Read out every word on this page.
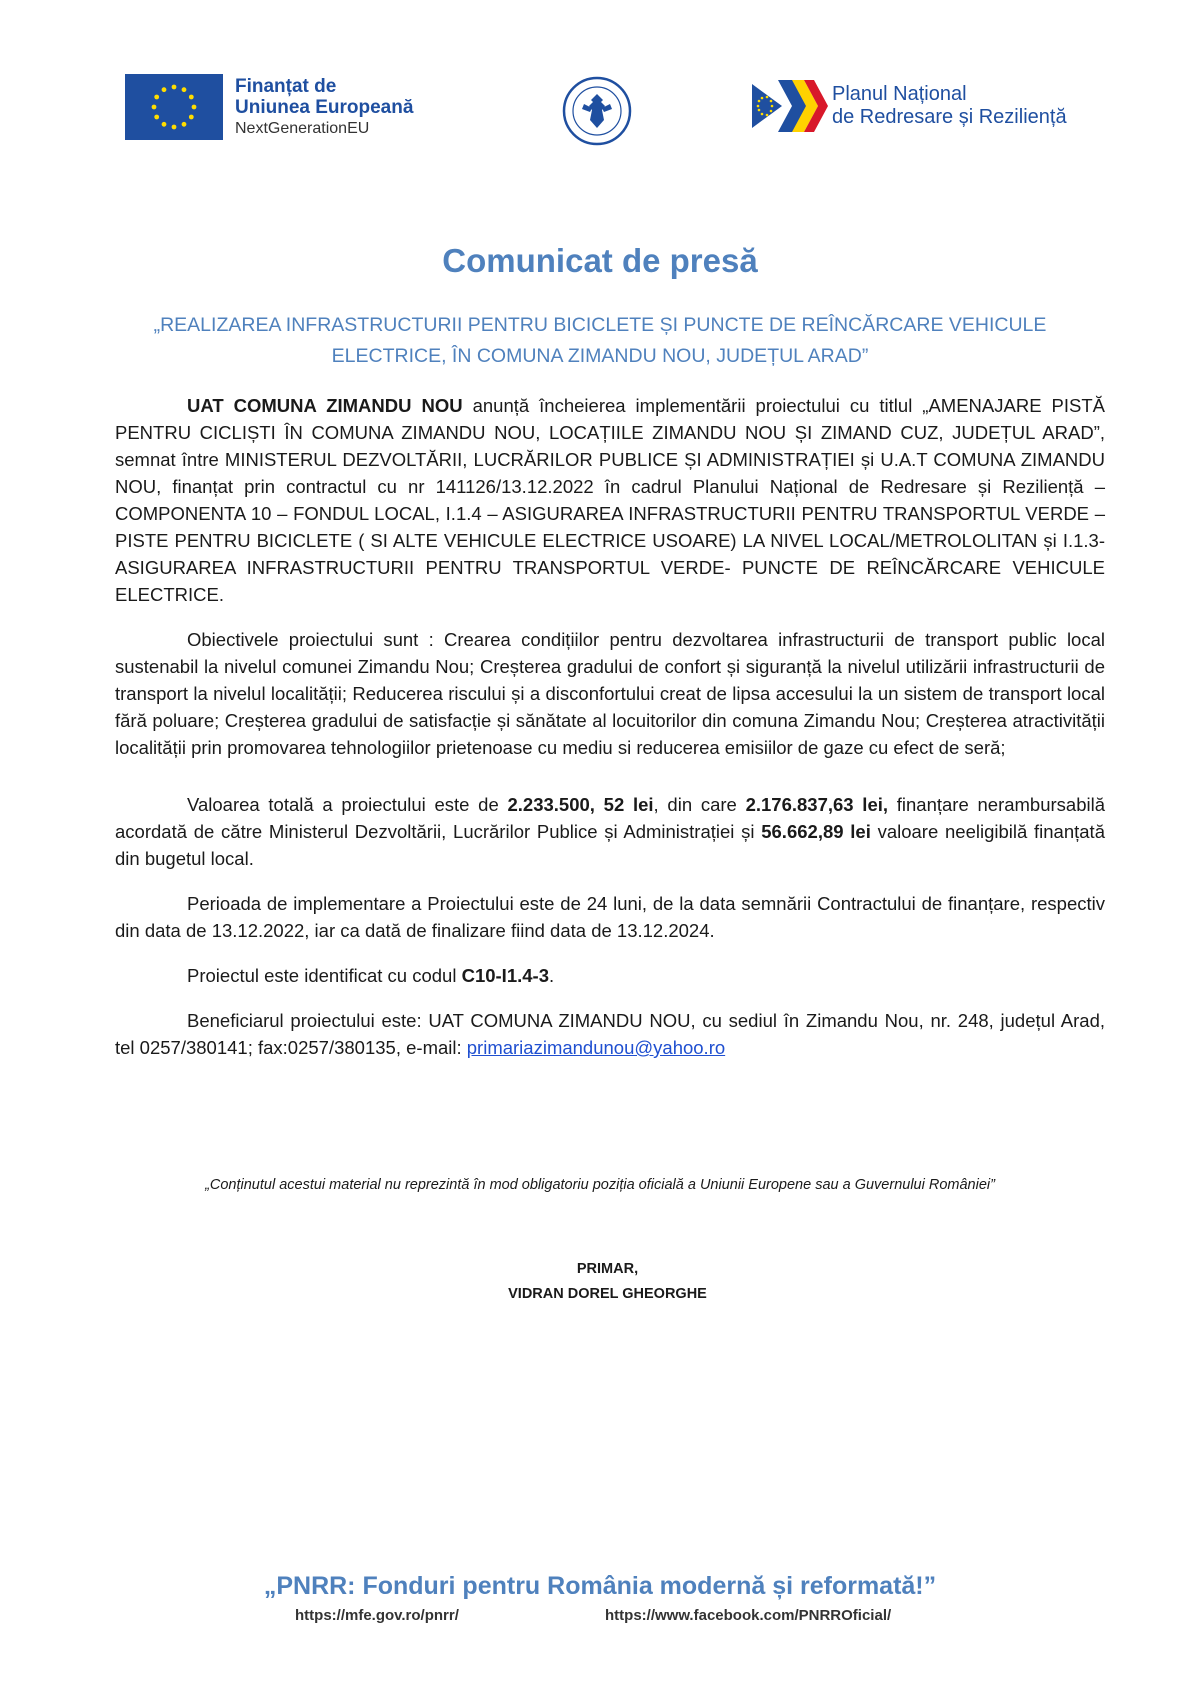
Finanțat de
Uniunea Europeană
NextGenerationEU
Planul Național
de Redresare și Reziliență
Comunicat de presă
„REALIZAREA INFRASTRUCTURII PENTRU BICICLETE ȘI PUNCTE DE REÎNCĂRCARE VEHICULE
ELECTRICE, ÎN COMUNA ZIMANDU NOU, JUDEȚUL ARAD”

UAT COMUNA ZIMANDU NOU anunță încheierea implementării proiectului cu titlul „AMENAJARE PISTĂ PENTRU CICLIȘTI ÎN COMUNA ZIMANDU NOU, LOCAȚIILE ZIMANDU NOU ȘI ZIMAND CUZ, JUDEȚUL ARAD”, semnat între MINISTERUL DEZVOLTĂRII, LUCRĂRILOR PUBLICE ȘI ADMINISTRAȚIEI și U.A.T COMUNA ZIMANDU NOU, finanțat prin contractul cu nr 141126/13.12.2022 în cadrul Planului Național de Redresare și Reziliență – COMPONENTA 10 – FONDUL LOCAL, I.1.4 – ASIGURAREA INFRASTRUCTURII PENTRU TRANSPORTUL VERDE – PISTE PENTRU BICICLETE ( SI ALTE VEHICULE ELECTRICE USOARE) LA NIVEL LOCAL/METROLOLITAN și I.1.3- ASIGURAREA INFRASTRUCTURII PENTRU TRANSPORTUL VERDE- PUNCTE DE REÎNCĂRCARE VEHICULE ELECTRICE.

Obiectivele proiectului sunt : Crearea condițiilor pentru dezvoltarea infrastructurii de transport public local sustenabil la nivelul comunei Zimandu Nou; Creșterea gradului de confort și siguranță la nivelul utilizării infrastructurii de transport la nivelul localității; Reducerea riscului și a disconfortului creat de lipsa accesului la un sistem de transport local fără poluare; Creșterea gradului de satisfacție și sănătate al locuitorilor din comuna Zimandu Nou; Creșterea atractivității localității prin promovarea tehnologiilor prietenoase cu mediu si reducerea emisiilor de gaze cu efect de seră;

Valoarea totală a proiectului este de 2.233.500, 52 lei, din care 2.176.837,63 lei, finanțare nerambursabilă acordată de către Ministerul Dezvoltării, Lucrărilor Publice și Administrației și 56.662,89 lei valoare neeligibilă finanțată din bugetul local.

Perioada de implementare a Proiectului este de 24 luni, de la data semnării Contractului de finanțare, respectiv din data de 13.12.2022, iar ca dată de finalizare fiind data de 13.12.2024.

Proiectul este identificat cu codul C10-I1.4-3.

Beneficiarul proiectului este: UAT COMUNA ZIMANDU NOU, cu sediul în Zimandu Nou, nr. 248, județul Arad, tel 0257/380141; fax:0257/380135, e-mail: primariazimandunou@yahoo.ro

„Conținutul acestui material nu reprezintă în mod obligatoriu poziția oficială a Uniunii Europene sau a Guvernului României”
PRIMAR,
VIDRAN DOREL GHEORGHE
„PNRR: Fonduri pentru România modernă și reformată!”
https://mfe.gov.ro/pnrr/	https://www.facebook.com/PNRROficial/
